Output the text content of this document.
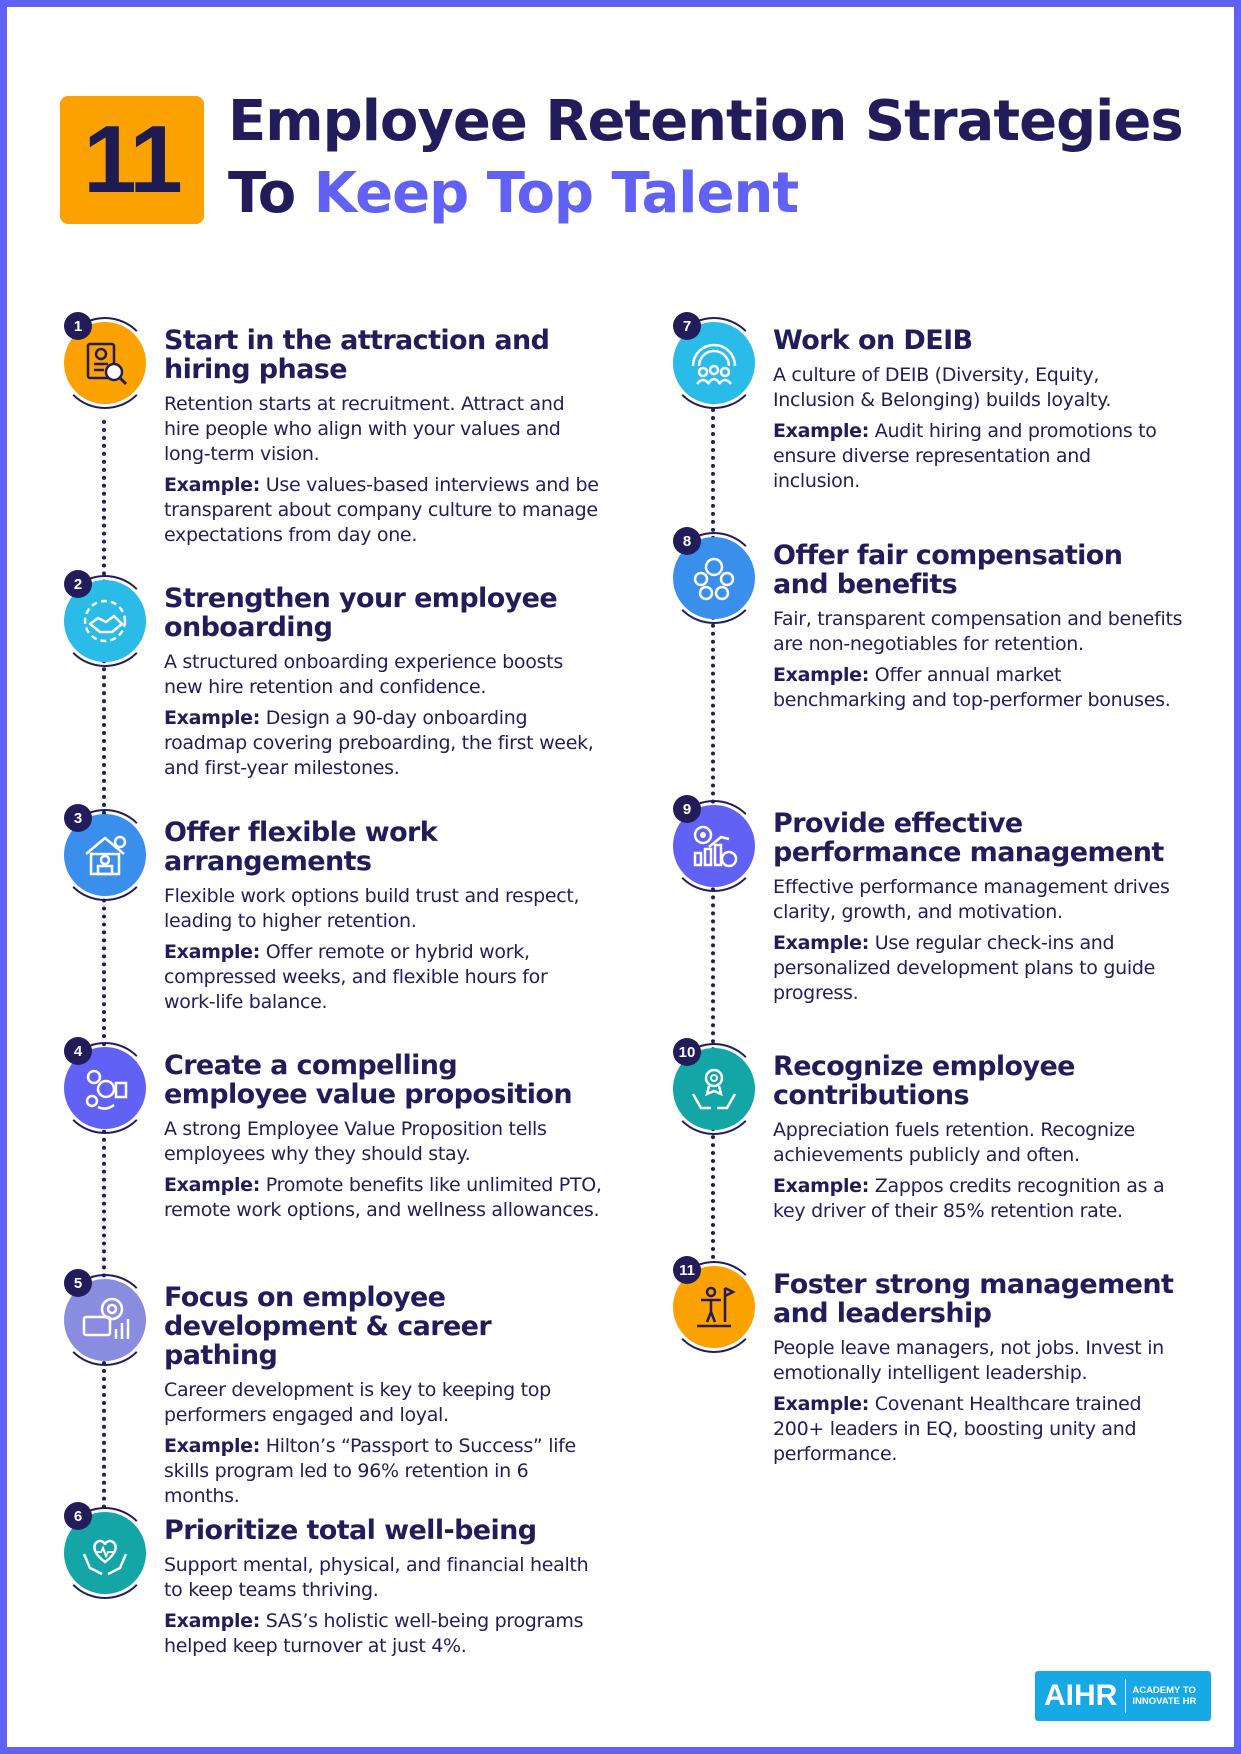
11 Employee Retention Strategies
To Keep Top Talent
1	Start in the attraction and hiring phase

Retention starts at recruitment. Attract and hire people who align with your values and long-term vision.

Example: Use values-based interviews and be transparent about company culture to manage expectations from day one.

2	Strengthen your employee onboarding

A structured onboarding experience boosts new hire retention and confidence.

Example: Design a 90-day onboarding roadmap covering preboarding, the first week, and first-year milestones.

3	Offer flexible work arrangements

Flexible work options build trust and respect, leading to higher retention.

Example: Offer remote or hybrid work, compressed weeks, and flexible hours for work-life balance.

4	Create a compelling employee value proposition

A strong Employee Value Proposition tells employees why they should stay.

Example: Promote benefits like unlimited PTO, remote work options, and wellness allowances.

5	Focus on employee development & career pathing

Career development is key to keeping top performers engaged and loyal.

Example: Hilton’s “Passport to Success” life skills program led to 96% retention in 6 months.

6	Prioritize total well-being

Support mental, physical, and financial health to keep teams thriving.

Example: SAS’s holistic well-being programs helped keep turnover at just 4%.

7	Work on DEIB

A culture of DEIB (Diversity, Equity, Inclusion & Belonging) builds loyalty.

Example: Audit hiring and promotions to ensure diverse representation and inclusion.

8	Offer fair compensation and benefits

Fair, transparent compensation and benefits are non-negotiables for retention.

Example: Offer annual market benchmarking and top-performer bonuses.

9	Provide effective performance management

Effective performance management drives clarity, growth, and motivation.

Example: Use regular check-ins and personalized development plans to guide progress.

10	Recognize employee contributions

Appreciation fuels retention. Recognize achievements publicly and often.

Example: Zappos credits recognition as a key driver of their 85% retention rate.

11	Foster strong management and leadership

People leave managers, not jobs. Invest in emotionally intelligent leadership.

Example: Covenant Healthcare trained 200+ leaders in EQ, boosting unity and performance.

AIHR	ACADEMY TO INNOVATE HR
